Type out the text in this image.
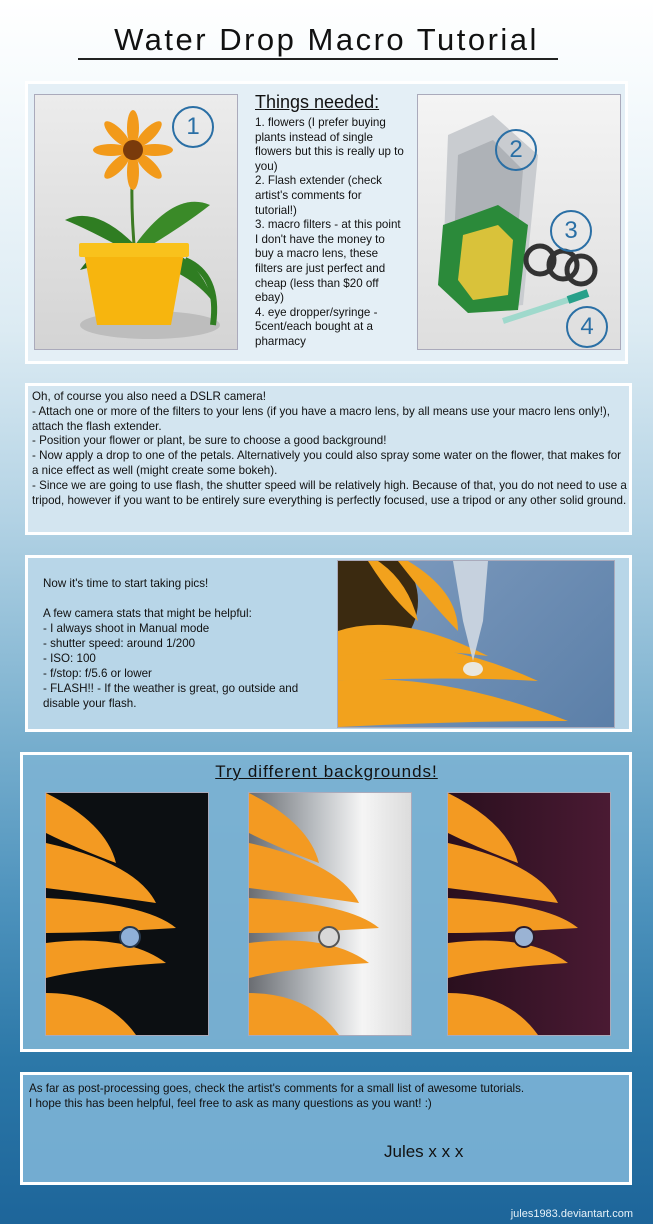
Water Drop Macro Tutorial
1
Things needed:
1. flowers (I prefer buying plants instead of single flowers but this is really up to you)
2. Flash extender (check artist's comments for tutorial!)
3. macro filters - at this point I don't have the money to buy a macro lens, these filters are just perfect and cheap (less than $20 off ebay)
4. eye dropper/syringe - 5cent/each bought at a pharmacy
2
3
4
Oh, of course you also need a DSLR camera!
- Attach one or more of the filters to your lens (if you have a macro lens, by all means use your macro lens only!), attach the flash extender.
- Position your flower or plant, be sure to choose a good background!
- Now apply a drop to one of the petals. Alternatively you could also spray some water on the flower, that makes for a nice effect as well (might create some bokeh).
- Since we are going to use flash, the shutter speed will be relatively high. Because of that, you do not need to use a tripod, however if you want to be entirely sure everything is perfectly focused, use a tripod or any other solid ground.
Now it's time to start taking pics!

A few camera stats that might be helpful:
- I always shoot in Manual mode
- shutter speed: around 1/200
- ISO: 100
- f/stop: f/5.6 or lower
- FLASH!! - If the weather is great, go outside and disable your flash.
Try different backgrounds!
As far as post-processing goes, check the artist's comments for a small list of awesome tutorials.
I hope this has been helpful, feel free to ask as many questions as you want! :)
Jules x x x
jules1983.deviantart.com
